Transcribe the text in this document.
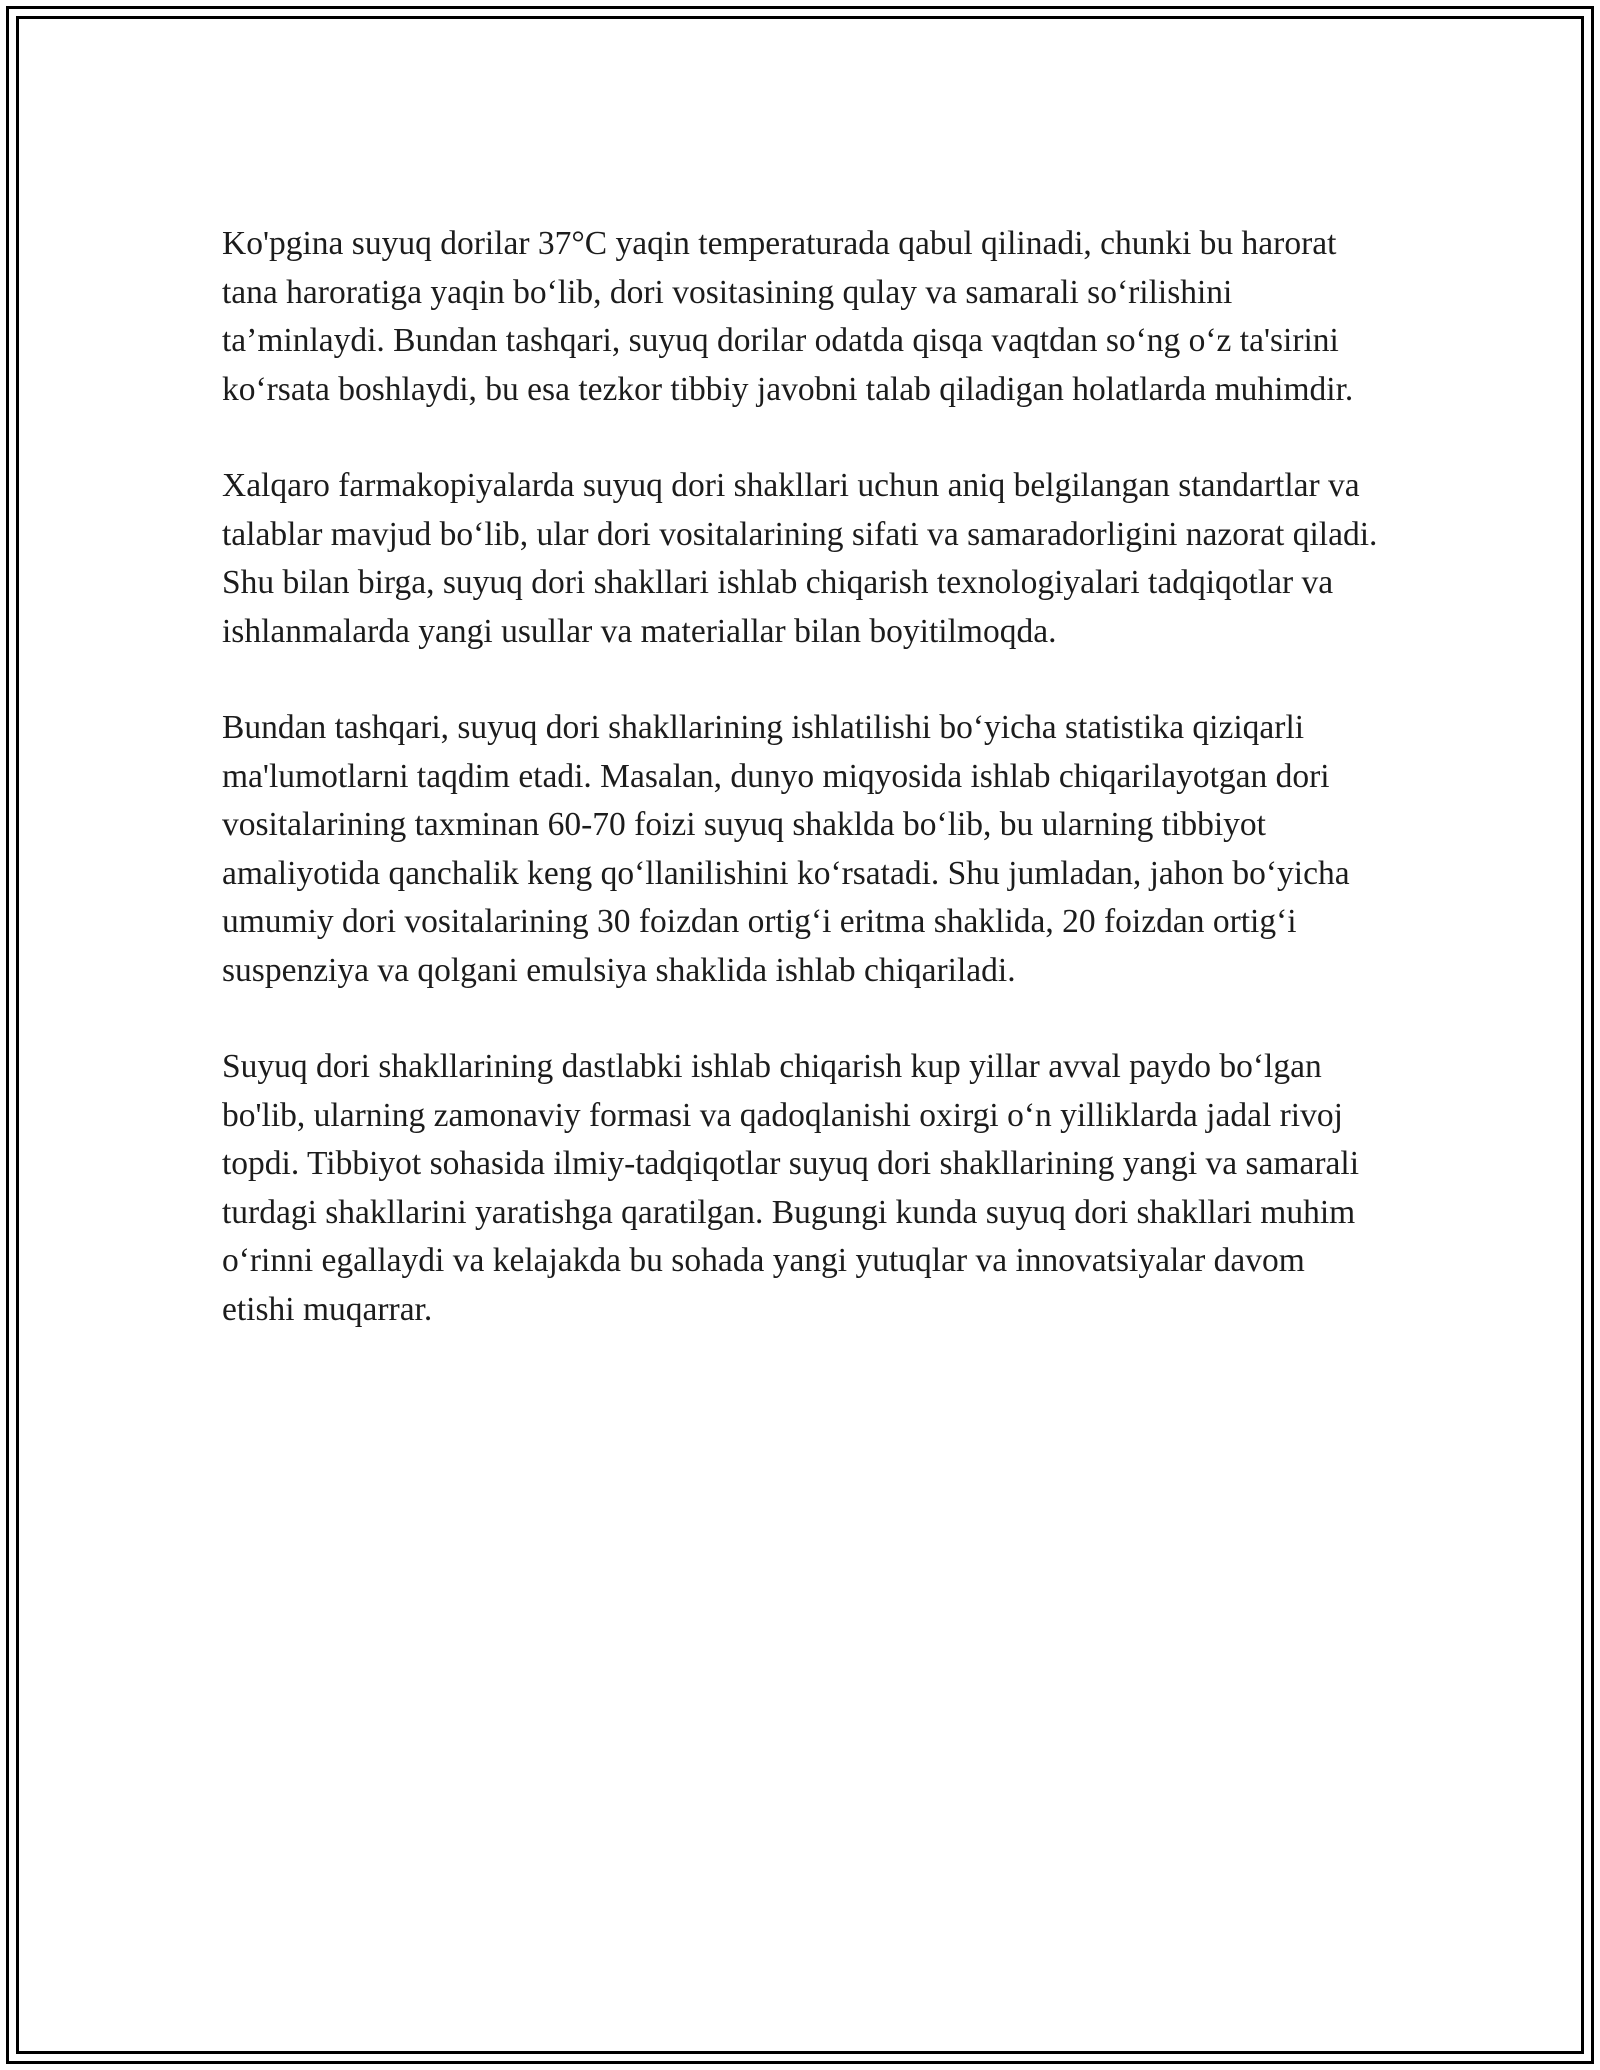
Ko'pgina suyuq dorilar 37°C yaqin temperaturada qabul qilinadi, chunki bu harorat tana haroratiga yaqin bo‘lib, dori vositasining qulay va samarali so‘rilishini ta’minlaydi. Bundan tashqari, suyuq dorilar odatda qisqa vaqtdan so‘ng o‘z ta'sirini ko‘rsata boshlaydi, bu esa tezkor tibbiy javobni talab qiladigan holatlarda muhimdir.

Xalqaro farmakopiyalarda suyuq dori shakllari uchun aniq belgilangan standartlar va talablar mavjud bo‘lib, ular dori vositalarining sifati va samaradorligini nazorat qiladi. Shu bilan birga, suyuq dori shakllari ishlab chiqarish texnologiyalari tadqiqotlar va ishlanmalarda yangi usullar va materiallar bilan boyitilmoqda.

Bundan tashqari, suyuq dori shakllarining ishlatilishi bo‘yicha statistika qiziqarli ma'lumotlarni taqdim etadi. Masalan, dunyo miqyosida ishlab chiqarilayotgan dori vositalarining taxminan 60-70 foizi suyuq shaklda bo‘lib, bu ularning tibbiyot amaliyotida qanchalik keng qo‘llanilishini ko‘rsatadi. Shu jumladan, jahon bo‘yicha umumiy dori vositalarining 30 foizdan ortig‘i eritma shaklida, 20 foizdan ortig‘i suspenziya va qolgani emulsiya shaklida ishlab chiqariladi.

Suyuq dori shakllarining dastlabki ishlab chiqarish kup yillar avval paydo bo‘lgan bo'lib, ularning zamonaviy formasi va qadoqlanishi oxirgi o‘n yilliklarda jadal rivoj topdi. Tibbiyot sohasida ilmiy-tadqiqotlar suyuq dori shakllarining yangi va samarali turdagi shakllarini yaratishga qaratilgan. Bugungi kunda suyuq dori shakllari muhim o‘rinni egallaydi va kelajakda bu sohada yangi yutuqlar va innovatsiyalar davom etishi muqarrar.
